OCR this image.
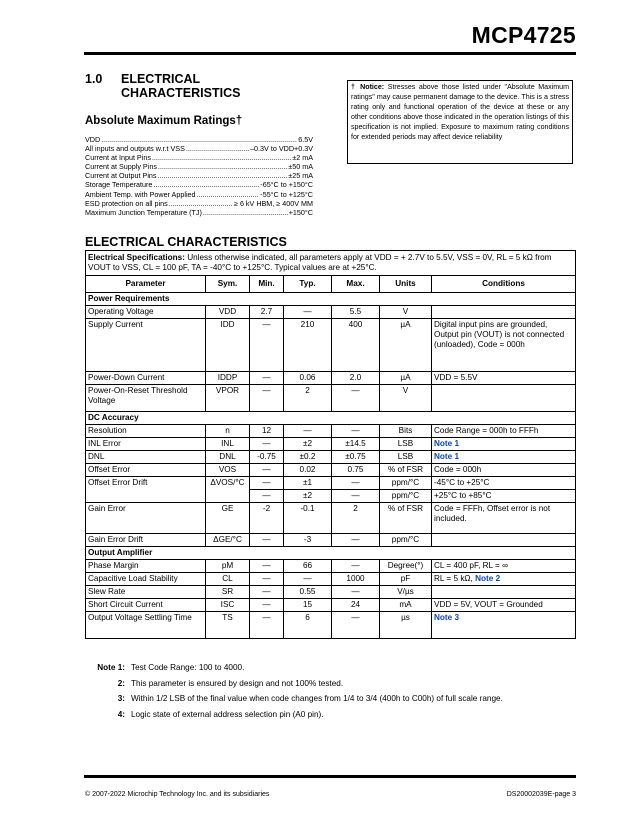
MCP4725
1.0 ELECTRICAL CHARACTERISTICS
Absolute Maximum Ratings†
VDD .....	6.5V
All inputs and outputs w.r.t VSS .....	–0.3V to VDD+0.3V
Current at Input Pins .....	±2 mA
Current at Supply Pins .....	±50 mA
Current at Output Pins .....	±25 mA
Storage Temperature .....	-65°C to +150°C
Ambient Temp. with Power Applied .....	-55°C to +125°C
ESD protection on all pins .....	≥ 6 kV HBM, ≥ 400V MM
Maximum Junction Temperature (TJ) .....	+150°C
† Notice: Stresses above those listed under "Absolute Maximum ratings" may cause permanent damage to the device. This is a stress rating only and functional operation of the device at these or any other conditions above those indicated in the operation listings of this specification is not implied. Exposure to maximum rating conditions for extended periods may affect device reliability
ELECTRICAL CHARACTERISTICS
Electrical Specifications: Unless otherwise indicated, all parameters apply at VDD = + 2.7V to 5.5V, VSS = 0V, RL = 5 kΩ from VOUT to VSS, CL = 100 pF, TA = -40°C to +125°C. Typical values are at +25°C.						
Parameter	Sym.	Min.	Typ.	Max.	Units	Conditions
Power Requirements						
Operating Voltage	VDD	2.7	—	5.5	V	
Supply Current	IDD	—	210	400	µA	Digital input pins are grounded, Output pin (VOUT) is not connected (unloaded), Code = 000h
Power-Down Current	IDDP	—	0.06	2.0	µA	VDD = 5.5V
Power-On-Reset Threshold Voltage	VPOR	—	2	—	V	
DC Accuracy						
Resolution	n	12	—	—	Bits	Code Range = 000h to FFFh
INL Error	INL	—	±2	±14.5	LSB	Note 1
DNL	DNL	-0.75	±0.2	±0.75	LSB	Note 1
Offset Error	VOS	—	0.02	0.75	% of FSR	Code = 000h
Offset Error Drift	ΔVOS/°C	—	±1	—	ppm/°C	-45°C to +25°C
		—	±2	—	ppm/°C	+25°C to +85°C
Gain Error	GE	-2	-0.1	2	% of FSR	Code = FFFh, Offset error is not included.
Gain Error Drift	ΔGE/°C	—	-3	—	ppm/°C	
Output Amplifier						
Phase Margin	pM	—	66	—	Degree(°)	CL = 400 pF, RL = ∞
Capacitive Load Stability	CL	—	—	1000	pF	RL = 5 kΩ, Note 2
Slew Rate	SR	—	0.55	—	V/µs	
Short Circuit Current	ISC	—	15	24	mA	VDD = 5V, VOUT = Grounded
Output Voltage Settling Time	TS	—	6	—	µs	Note 3
Note 1: Test Code Range: 100 to 4000.
2: This parameter is ensured by design and not 100% tested.
3: Within 1/2 LSB of the final value when code changes from 1/4 to 3/4 (400h to C00h) of full scale range.
4: Logic state of external address selection pin (A0 pin).
© 2007-2022 Microchip Technology Inc. and its subsidiaries	DS20002039E-page 3
